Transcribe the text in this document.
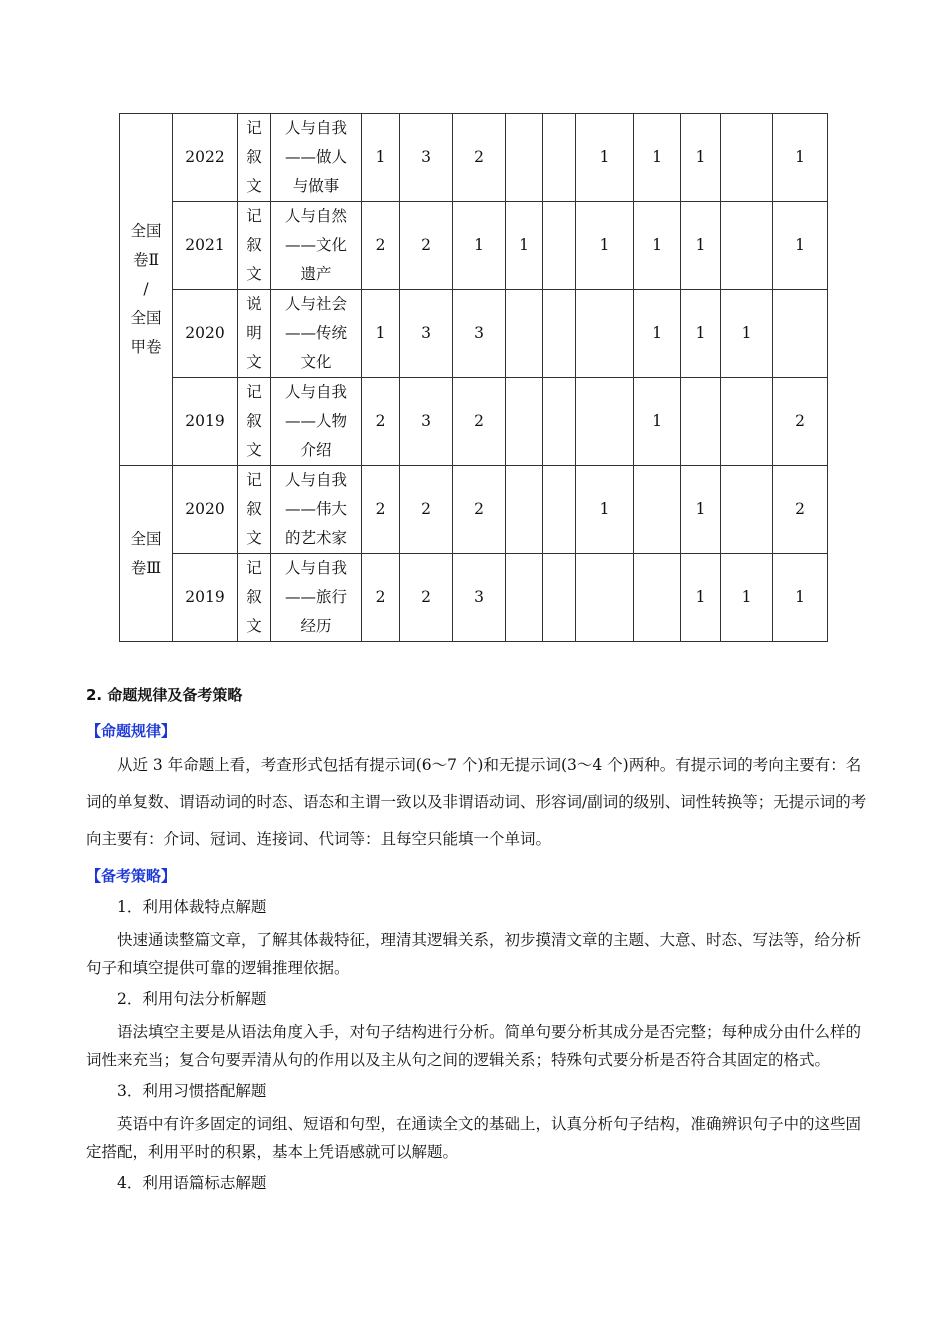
全国
卷Ⅱ
/
全国
甲卷	2022	记
叙
文	人与自我
——做人
与做事	1	3	2			1	1	1		1
	2021	记
叙
文	人与自然
——文化
遗产	2	2	1	1		1	1	1		1
	2020	说
明
文	人与社会
——传统
文化	1	3	3				1	1	1	
	2019	记
叙
文	人与自我
——人物
介绍	2	3	2				1			2

全国
卷Ⅲ	2020	记
叙
文	人与自我
——伟大
的艺术家	2	2	2			1		1		2
	2019	记
叙
文	人与自我
——旅行
经历	2	2	3					1	1	1
2. 命题规律及备考策略
【命题规律】
从近 3 年命题上看，考查形式包括有提示词(6～7 个)和无提示词(3～4 个)两种。有提示词的考向主要有：名词的单复数、谓语动词的时态、语态和主谓一致以及非谓语动词、形容词/副词的级别、词性转换等；无提示词的考向主要有：介词、冠词、连接词、代词等：且每空只能填一个单词。
【备考策略】
1．利用体裁特点解题
快速通读整篇文章，了解其体裁特征，理清其逻辑关系，初步摸清文章的主题、大意、时态、写法等，给分析句子和填空提供可靠的逻辑推理依据。
2．利用句法分析解题
语法填空主要是从语法角度入手，对句子结构进行分析。简单句要分析其成分是否完整；每种成分由什么样的词性来充当；复合句要弄清从句的作用以及主从句之间的逻辑关系；特殊句式要分析是否符合其固定的格式。
3．利用习惯搭配解题
英语中有许多固定的词组、短语和句型，在通读全文的基础上，认真分析句子结构，准确辨识句子中的这些固定搭配，利用平时的积累，基本上凭语感就可以解题。
4．利用语篇标志解题
